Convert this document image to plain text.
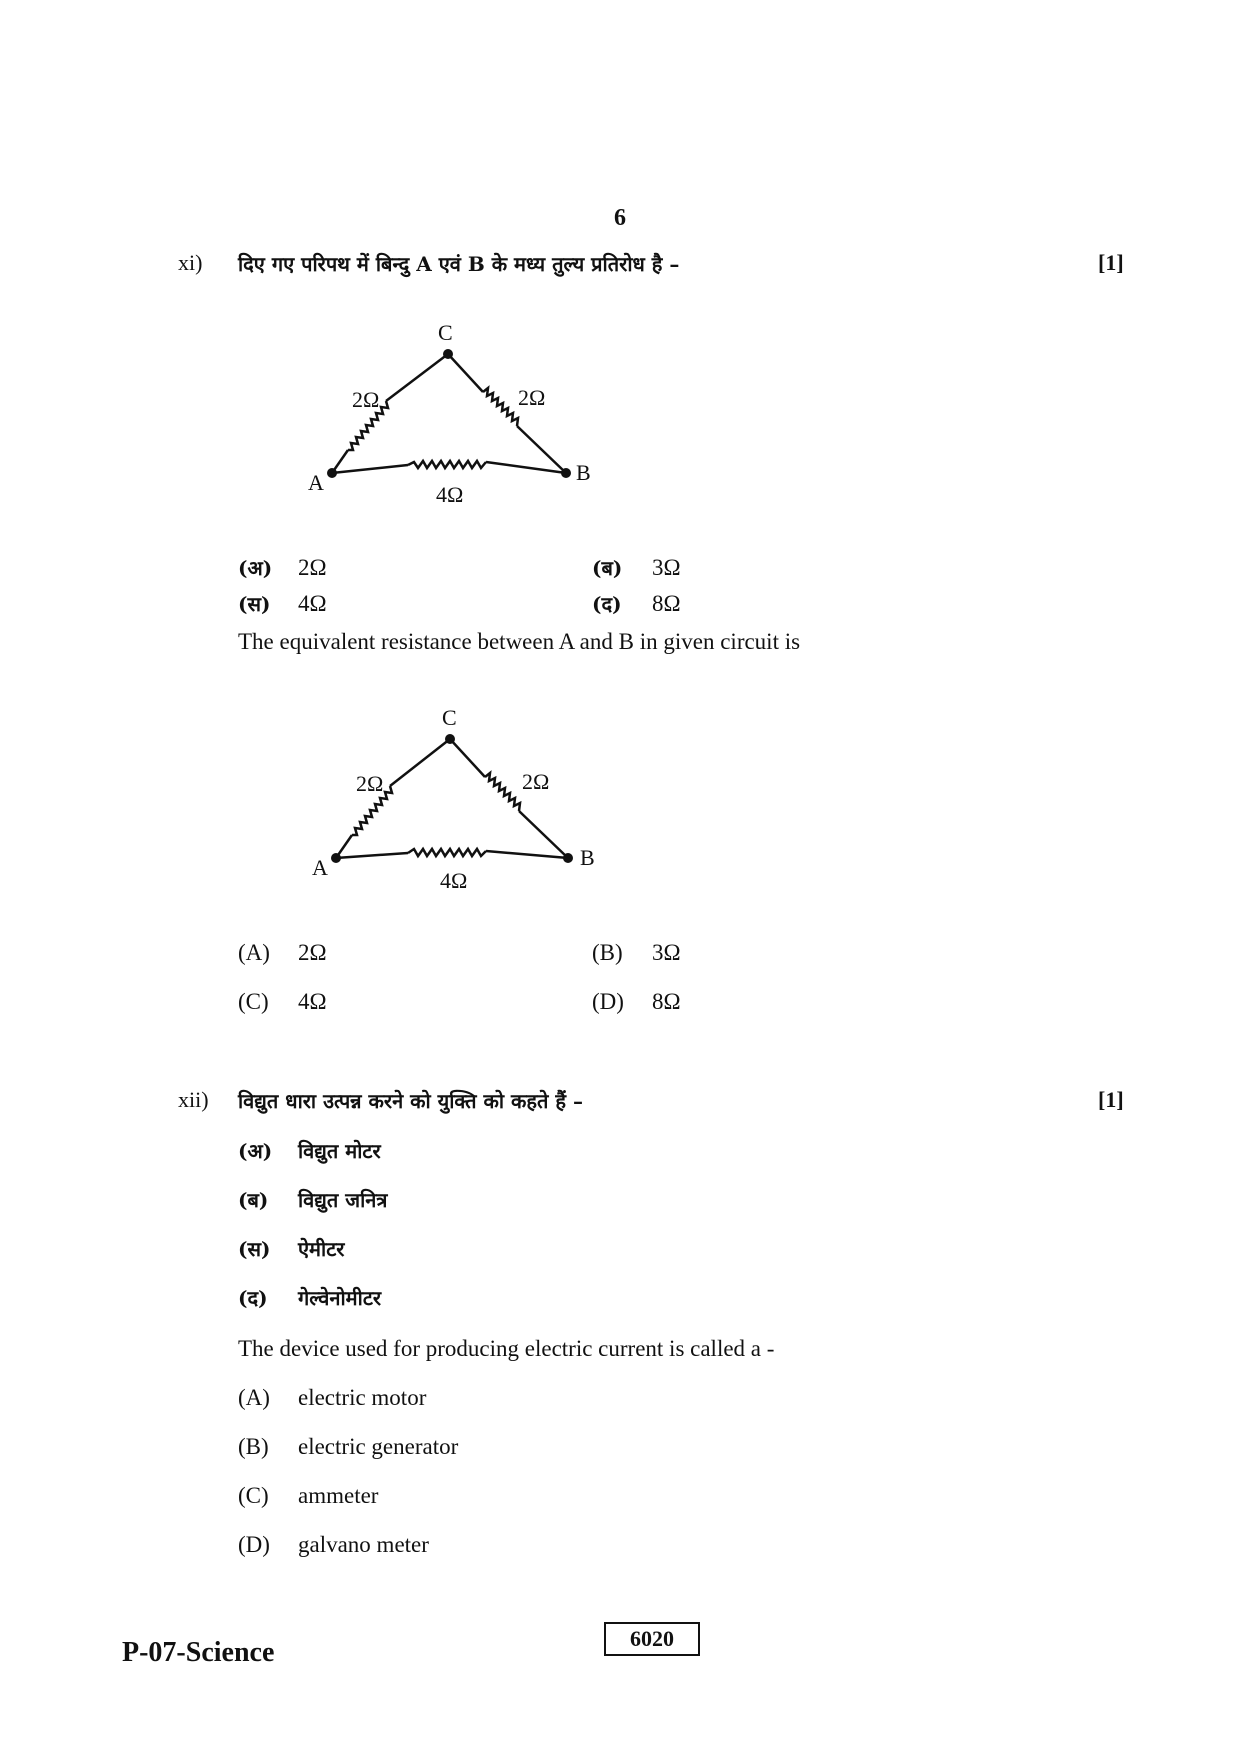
6
xi) दिए गए परिपथ में बिन्दु A एवं B के मध्य तुल्य प्रतिरोध है –	[1]
C
A	B
2Ω	2Ω
4Ω
(अ) 2Ω	(ब) 3Ω
(स) 4Ω	(द) 8Ω
The equivalent resistance between A and B in given circuit is
C
A	B
2Ω	2Ω
4Ω
(A) 2Ω	(B) 3Ω
(C) 4Ω	(D) 8Ω
xii) विद्युत धारा उत्पन्न करने को युक्ति को कहते हैं –	[1]
(अ) विद्युत मोटर
(ब) विद्युत जनित्र
(स) ऐमीटर
(द) गेल्वेनोमीटर
The device used for producing electric current is called a -
(A) electric motor
(B) electric generator
(C) ammeter
(D) galvano meter
P-07-Science	6020
